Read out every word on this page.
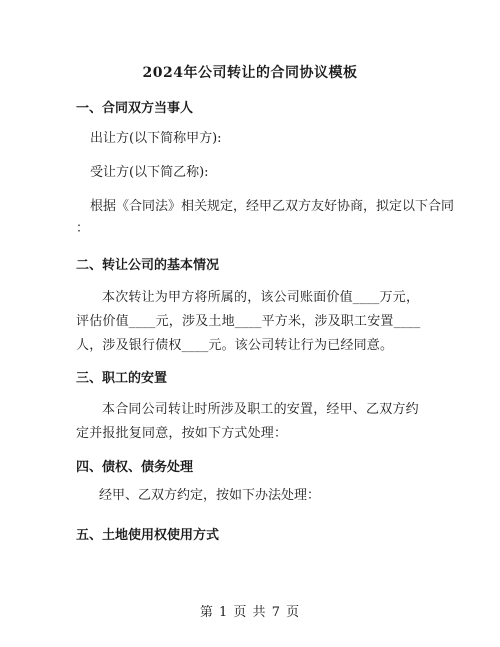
2024年公司转让的合同协议模板
一、合同双方当事人
出让方(以下简称甲方):
受让方(以下简乙称):
根据《合同法》相关规定，经甲乙双方友好协商，拟定以下合同
：
二、转让公司的基本情况
本次转让为甲方将所属的，该公司账面价值____万元，评估价值____元，涉及土地____平方米，涉及职工安置____人，涉及银行债权____元。该公司转让行为已经同意。
三、职工的安置
本合同公司转让时所涉及职工的安置，经甲、乙双方约定并报批复同意，按如下方式处理：
四、债权、债务处理
经甲、乙双方约定，按如下办法处理：
五、土地使用权使用方式
第 1 页 共 7 页
